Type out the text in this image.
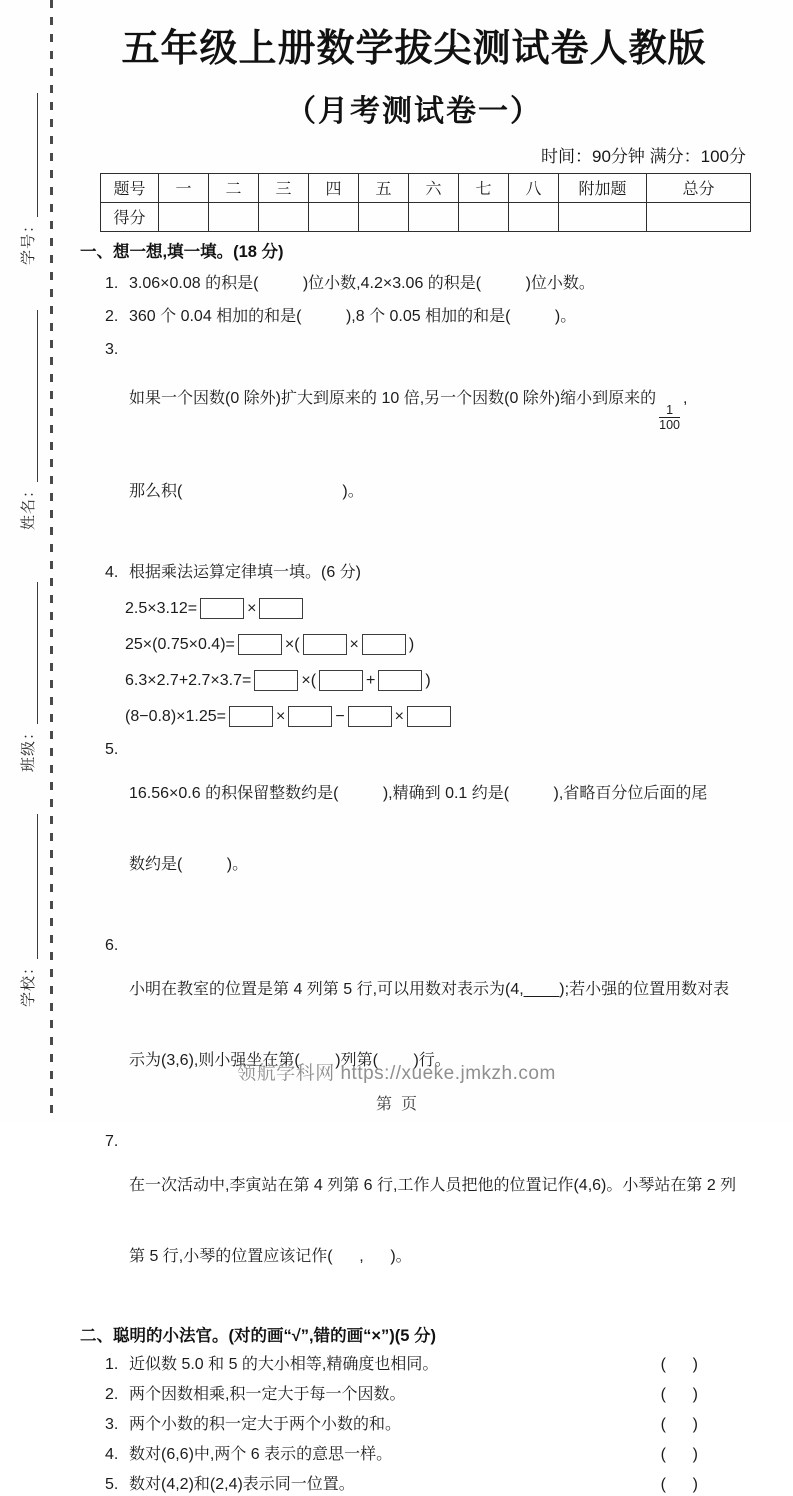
学校：
班级：
姓名：
学号：
五年级上册数学拔尖测试卷人教版
（月考测试卷一）
时间：90分钟 满分：100分
题号	一	二	三	四	五	六	七	八	附加题	总分
得分										
一、想一想,填一填。(18 分)
1. 3.06×0.08 的积是(          )位小数,4.2×3.06 的积是(          )位小数。
2. 360 个 0.04 相加的和是(          ),8 个 0.05 相加的和是(          )。
3.

如果一个因数(0 除外)扩大到原来的 10 倍,另一个因数(0 除外)缩小到原来的
$\frac{1}{100}$
,

那么积(                                    )。

4. 根据乘法运算定律填一填。(6 分)
2.5×3.12=	×
25×(0.75×0.4)=	×(	×	)
6.3×2.7+2.7×3.7=	×(	+	)
(8−0.8)×1.25=	×	−	×
5.

16.56×0.6 的积保留整数约是(          ),精确到 0.1 约是(          ),省略百分位后面的尾

数约是(          )。

6.

小明在教室的位置是第 4 列第 5 行,可以用数对表示为(4,____);若小强的位置用数对表

示为(3,6),则小强坐在第(        )列第(        )行。

7.

在一次活动中,李寅站在第 4 列第 6 行,工作人员把他的位置记作(4,6)。小琴站在第 2 列

第 5 行,小琴的位置应该记作(      ,      )。

二、聪明的小法官。(对的画“√”,错的画“×”)(5 分)
1. 近似数 5.0 和 5 的大小相等,精确度也相同。	(      )
2. 两个因数相乘,积一定大于每一个因数。	(      )
3. 两个小数的积一定大于两个小数的和。	(      )
4. 数对(6,6)中,两个 6 表示的意思一样。	(      )
5. 数对(4,2)和(2,4)表示同一位置。	(      )
领航学科网 https://xueke.jmkzh.com
第  页
